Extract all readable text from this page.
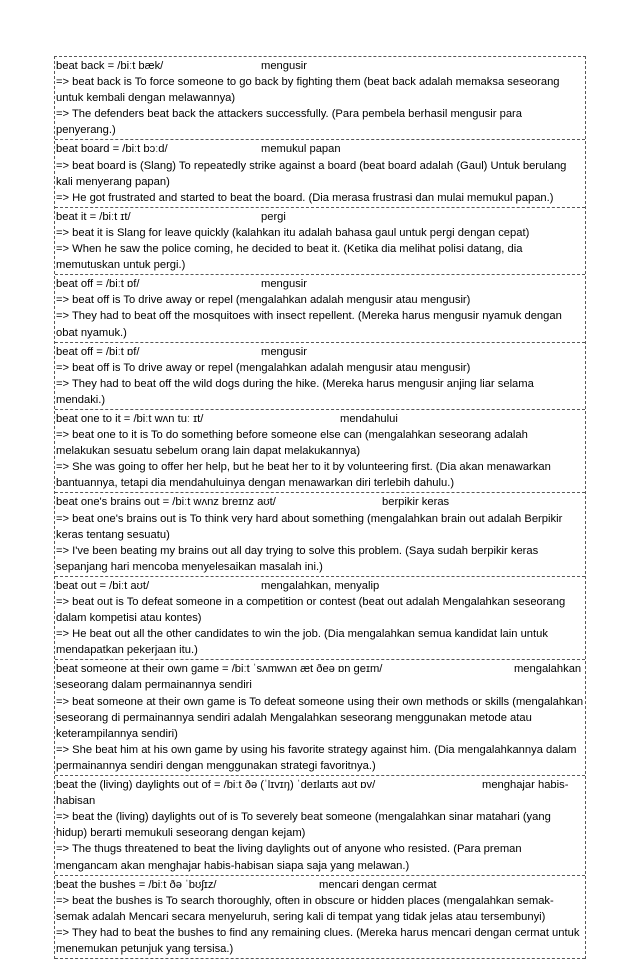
beat back = /biːt bæk/	mengusir
=> beat back is To force someone to go back by fighting them (beat back adalah memaksa seseorang untuk kembali dengan melawannya)
=> The defenders beat back the attackers successfully. (Para pembela berhasil mengusir para penyerang.)
beat board = /biːt bɔːd/	memukul papan
=> beat board is (Slang) To repeatedly strike against a board (beat board adalah (Gaul) Untuk berulang kali menyerang papan)
=> He got frustrated and started to beat the board. (Dia merasa frustrasi dan mulai memukul papan.)
beat it = /biːt ɪt/	pergi
=> beat it is Slang for leave quickly (kalahkan itu adalah bahasa gaul untuk pergi dengan cepat)
=> When he saw the police coming, he decided to beat it. (Ketika dia melihat polisi datang, dia memutuskan untuk pergi.)
beat off = /biːt ɒf/	mengusir
=> beat off is To drive away or repel (mengalahkan adalah mengusir atau mengusir)
=> They had to beat off the mosquitoes with insect repellent. (Mereka harus mengusir nyamuk dengan obat nyamuk.)
beat off = /biːt ɒf/	mengusir
=> beat off is To drive away or repel (mengalahkan adalah mengusir atau mengusir)
=> They had to beat off the wild dogs during the hike. (Mereka harus mengusir anjing liar selama mendaki.)
beat one to it = /biːt wʌn tuː ɪt/	mendahului
=> beat one to it is To do something before someone else can (mengalahkan seseorang adalah melakukan sesuatu sebelum orang lain dapat melakukannya)
=> She was going to offer her help, but he beat her to it by volunteering first. (Dia akan menawarkan bantuannya, tetapi dia mendahuluinya dengan menawarkan diri terlebih dahulu.)
beat one's brains out = /biːt wʌnz breɪnz aʊt/	berpikir keras
=> beat one's brains out is To think very hard about something (mengalahkan brain out adalah Berpikir keras tentang sesuatu)
=> I've been beating my brains out all day trying to solve this problem. (Saya sudah berpikir keras sepanjang hari mencoba menyelesaikan masalah ini.)
beat out = /biːt aʊt/	mengalahkan, menyalip
=> beat out is To defeat someone in a competition or contest (beat out adalah Mengalahkan seseorang dalam kompetisi atau kontes)
=> He beat out all the other candidates to win the job. (Dia mengalahkan semua kandidat lain untuk mendapatkan pekerjaan itu.)
beat someone at their own game = /biːt ˈsʌmwʌn æt ðeə ɒn geɪm/	mengalahkan seseorang dalam permainannya sendiri
=> beat someone at their own game is To defeat someone using their own methods or skills (mengalahkan seseorang di permainannya sendiri adalah Mengalahkan seseorang menggunakan metode atau keterampilannya sendiri)
=> She beat him at his own game by using his favorite strategy against him. (Dia mengalahkannya dalam permainannya sendiri dengan menggunakan strategi favoritnya.)
beat the (living) daylights out of = /biːt ðə (ˈlɪvɪŋ) ˈdeɪlaɪts aʊt ɒv/	menghajar habis-habisan
=> beat the (living) daylights out of is To severely beat someone (mengalahkan sinar matahari (yang hidup) berarti memukuli seseorang dengan kejam)
=> The thugs threatened to beat the living daylights out of anyone who resisted. (Para preman mengancam akan menghajar habis-habisan siapa saja yang melawan.)
beat the bushes = /biːt ðə ˈbʊʃɪz/	mencari dengan cermat
=> beat the bushes is To search thoroughly, often in obscure or hidden places (mengalahkan semak-semak adalah Mencari secara menyeluruh, sering kali di tempat yang tidak jelas atau tersembunyi)
=> They had to beat the bushes to find any remaining clues. (Mereka harus mencari dengan cermat untuk menemukan petunjuk yang tersisa.)
